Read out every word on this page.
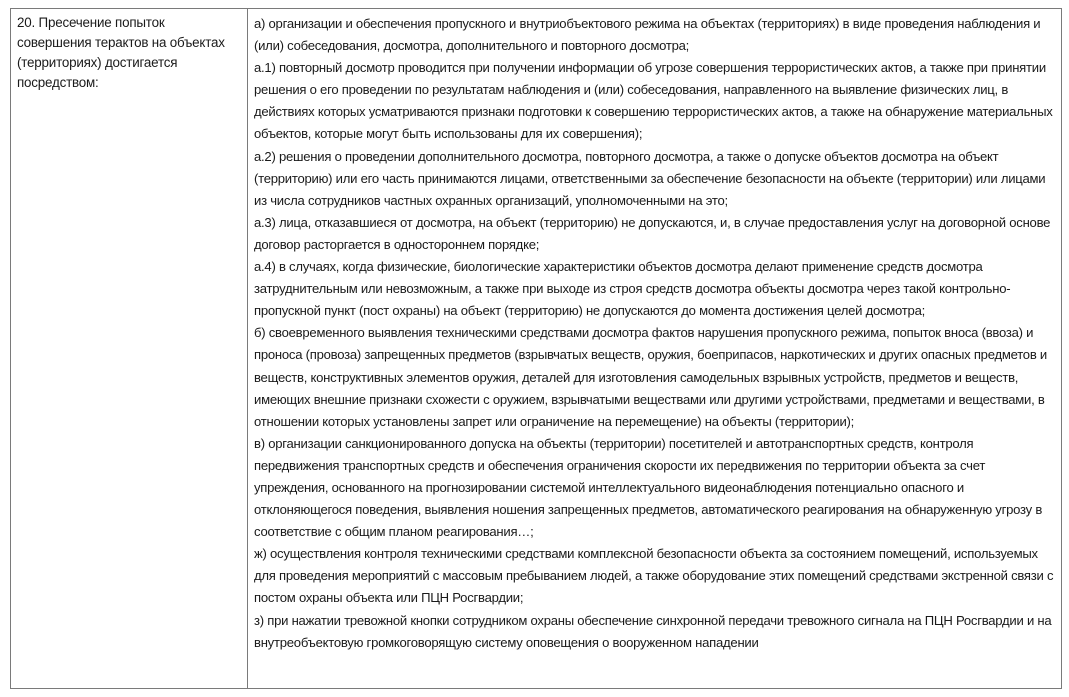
20. Пресечение попыток совершения терактов на объектах (территориях) достигается посредством:

а) организации и обеспечения пропускного и внутриобъектового режима на объектах (территориях) в виде проведения наблюдения и (или) собеседования, досмотра, дополнительного и повторного досмотра;

а.1) повторный досмотр проводится при получении информации об угрозе совершения террористических актов, а также при принятии решения о его проведении по результатам наблюдения и (или) собеседования, направленного на выявление физических лиц, в действиях которых усматриваются признаки подготовки к совершению террористических актов, а также на обнаружение материальных объектов, которые могут быть использованы для их совершения);

а.2) решения о проведении дополнительного досмотра, повторного досмотра, а также о допуске объектов досмотра на объект (территорию) или его часть принимаются лицами, ответственными за обеспечение безопасности на объекте (территории) или лицами из числа сотрудников частных охранных организаций, уполномоченными на это;

а.3) лица, отказавшиеся от досмотра, на объект (территорию) не допускаются, и, в случае предоставления услуг на договорной основе договор расторгается в одностороннем порядке;

а.4) в случаях, когда физические, биологические характеристики объектов досмотра делают применение средств досмотра затруднительным или невозможным, а также при выходе из строя средств досмотра объекты досмотра через такой контрольно-пропускной пункт (пост охраны) на объект (территорию) не допускаются до момента достижения целей досмотра;

б) своевременного выявления техническими средствами досмотра фактов нарушения пропускного режима, попыток вноса (ввоза) и проноса (провоза) запрещенных предметов (взрывчатых веществ, оружия, боеприпасов, наркотических и других опасных предметов и веществ, конструктивных элементов оружия, деталей для изготовления самодельных взрывных устройств, предметов и веществ, имеющих внешние признаки схожести с оружием, взрывчатыми веществами или другими устройствами, предметами и веществами, в отношении которых установлены запрет или ограничение на перемещение) на объекты (территории);

в) организации санкционированного допуска на объекты (территории) посетителей и автотранспортных средств, контроля передвижения транспортных средств и обеспечения ограничения скорости их передвижения по территории объекта за счет упреждения, основанного на прогнозировании системой интеллектуального видеонаблюдения потенциально опасного и отклоняющегося поведения, выявления ношения запрещенных предметов, автоматического реагирования на обнаруженную угрозу в соответствие с общим планом реагирования…;

ж) осуществления контроля техническими средствами комплексной безопасности объекта за состоянием помещений, используемых для проведения мероприятий с массовым пребыванием людей, а также оборудование этих помещений средствами экстренной связи с постом охраны объекта или ПЦН Росгвардии;

з) при нажатии тревожной кнопки сотрудником охраны обеспечение синхронной передачи тревожного сигнала на ПЦН Росгвардии и на внутреобъектовую громкоговорящую систему оповещения о вооруженном нападении
